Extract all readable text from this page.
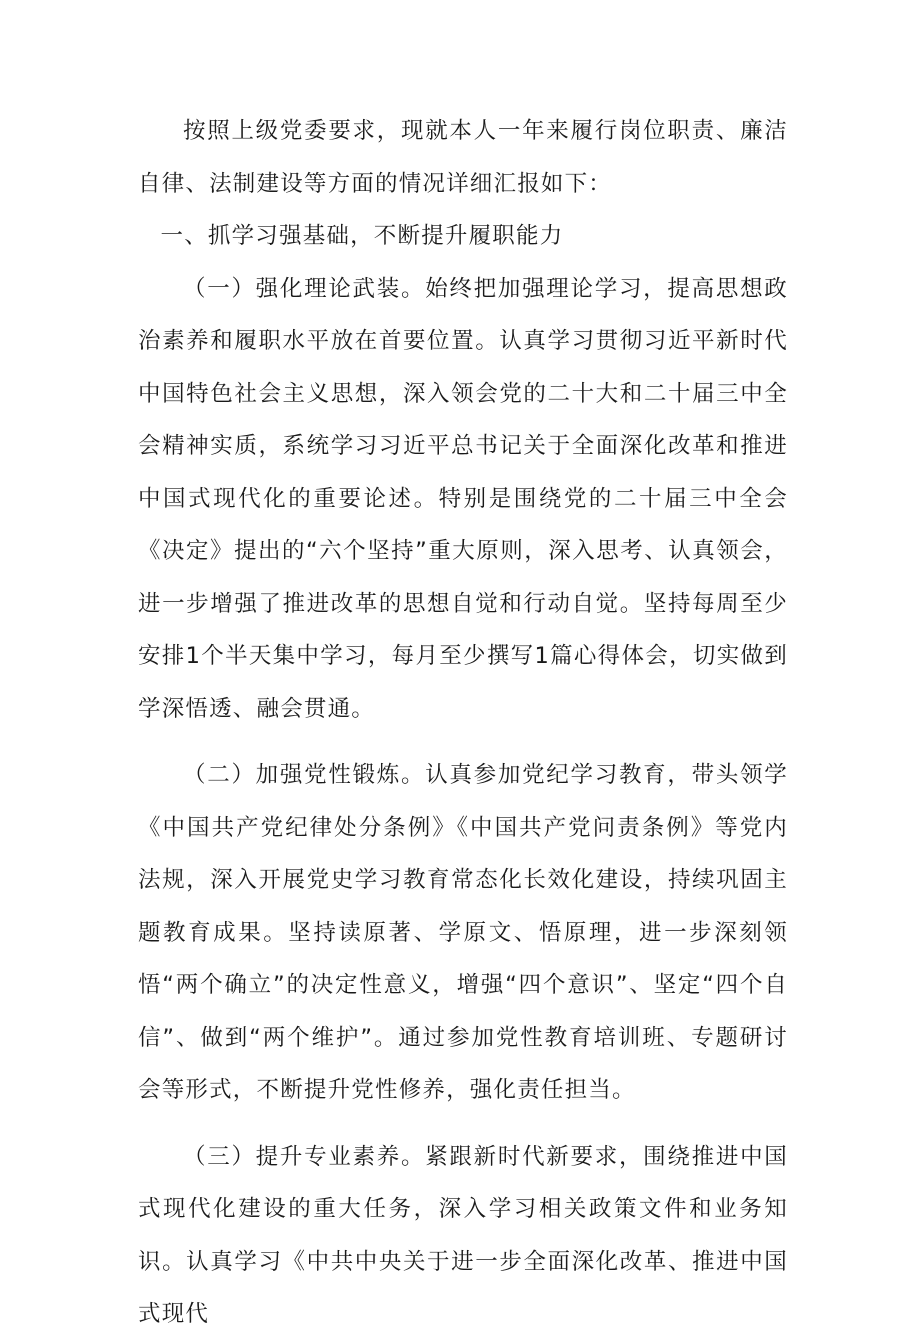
按照上级党委要求，现就本人一年来履行岗位职责、廉洁自律、法制建设等方面的情况详细汇报如下：

一、抓学习强基础，不断提升履职能力

（一）强化理论武装。始终把加强理论学习，提高思想政治素养和履职水平放在首要位置。认真学习贯彻习近平新时代中国特色社会主义思想，深入领会党的二十大和二十届三中全会精神实质，系统学习习近平总书记关于全面深化改革和推进中国式现代化的重要论述。特别是围绕党的二十届三中全会《决定》提出的“六个坚持”重大原则，深入思考、认真领会，进一步增强了推进改革的思想自觉和行动自觉。坚持每周至少安排1个半天集中学习，每月至少撰写1篇心得体会，切实做到学深悟透、融会贯通。

（二）加强党性锻炼。认真参加党纪学习教育，带头领学《中国共产党纪律处分条例》《中国共产党问责条例》等党内法规，深入开展党史学习教育常态化长效化建设，持续巩固主题教育成果。坚持读原著、学原文、悟原理，进一步深刻领悟“两个确立”的决定性意义，增强“四个意识”、坚定“四个自信”、做到“两个维护”。通过参加党性教育培训班、专题研讨会等形式，不断提升党性修养，强化责任担当。

（三）提升专业素养。紧跟新时代新要求，围绕推进中国式现代化建设的重大任务，深入学习相关政策文件和业务知识。认真学习《中共中央关于进一步全面深化改革、推进中国式现代
